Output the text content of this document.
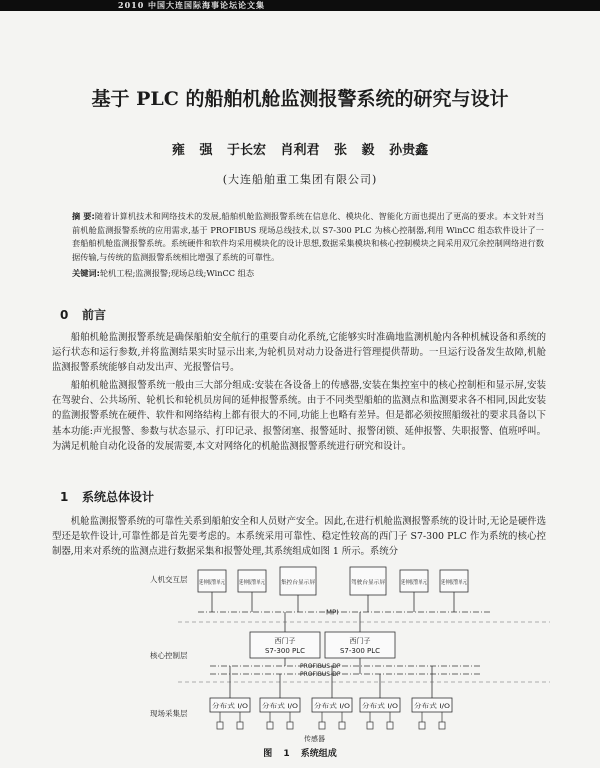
2010 中国大连国际海事论坛论文集
基于 PLC 的船舶机舱监测报警系统的研究与设计
雍 强 于长宏 肖利君 张 毅 孙贵鑫
(大连船舶重工集团有限公司)
摘 要:随着计算机技术和网络技术的发展,船舶机舱监测报警系统在信息化、模块化、智能化方面也提出了更高的要求。本文针对当前机舱监测报警系统的应用需求,基于 PROFIBUS 现场总线技术,以 S7-300 PLC 为核心控制器,利用 WinCC 组态软件设计了一套船舶机舱监测报警系统。系统硬件和软件均采用模块化的设计思想,数据采集模块和核心控制模块之间采用双冗余控制网络进行数据传输,与传统的监测报警系统相比增强了系统的可靠性。
关键词:轮机工程;监测报警;现场总线;WinCC 组态
0 前言
船舶机舱监测报警系统是确保船舶安全航行的重要自动化系统,它能够实时准确地监测机舱内各种机械设备和系统的运行状态和运行参数,并将监测结果实时显示出来,为轮机员对动力设备进行管理提供帮助。一旦运行设备发生故障,机舱监测报警系统能够自动发出声、光报警信号。
船舶机舱监测报警系统一般由三大部分组成:安装在各设备上的传感器,安装在集控室中的核心控制柜和显示屏,安装在驾驶台、公共场所、轮机长和轮机员房间的延伸报警系统。由于不同类型船舶的监测点和监测要求各不相同,因此安装的监测报警系统在硬件、软件和网络结构上都有很大的不同,功能上也略有差异。但是都必须按照船级社的要求具备以下基本功能:声光报警、参数与状态显示、打印记录、报警闭塞、报警延时、报警闭锁、延伸报警、失职报警、值班呼叫。为满足机舱自动化设备的发展需要,本文对网络化的机舱监测报警系统进行研究和设计。
1 系统总体设计
机舱监测报警系统的可靠性关系到船舶安全和人员财产安全。因此,在进行机舱监测报警系统的设计时,无论是硬件选型还是软件设计,可靠性都是首先要考虑的。本系统采用可靠性、稳定性较高的西门子 S7-300 PLC 作为系统的核心控制器,用来对系统的监测点进行数据采集和报警处理,其系统组成如图 1 所示。系统分
人机交互层
核心控制层
现场采集层
延伸报警单元 延伸报警单元 集控台显示屏	驾驶台显示屏	延伸报警单元 延伸报警单元
MPI
西门子
S7-300 PLC
西门子
S7-300 PLC
PROFIBUS-DP
PROFIBUS-DP
分布式 I/O	分布式 I/O	分布式 I/O	分布式 I/O	分布式 I/O
传感器
图 1 系统组成
